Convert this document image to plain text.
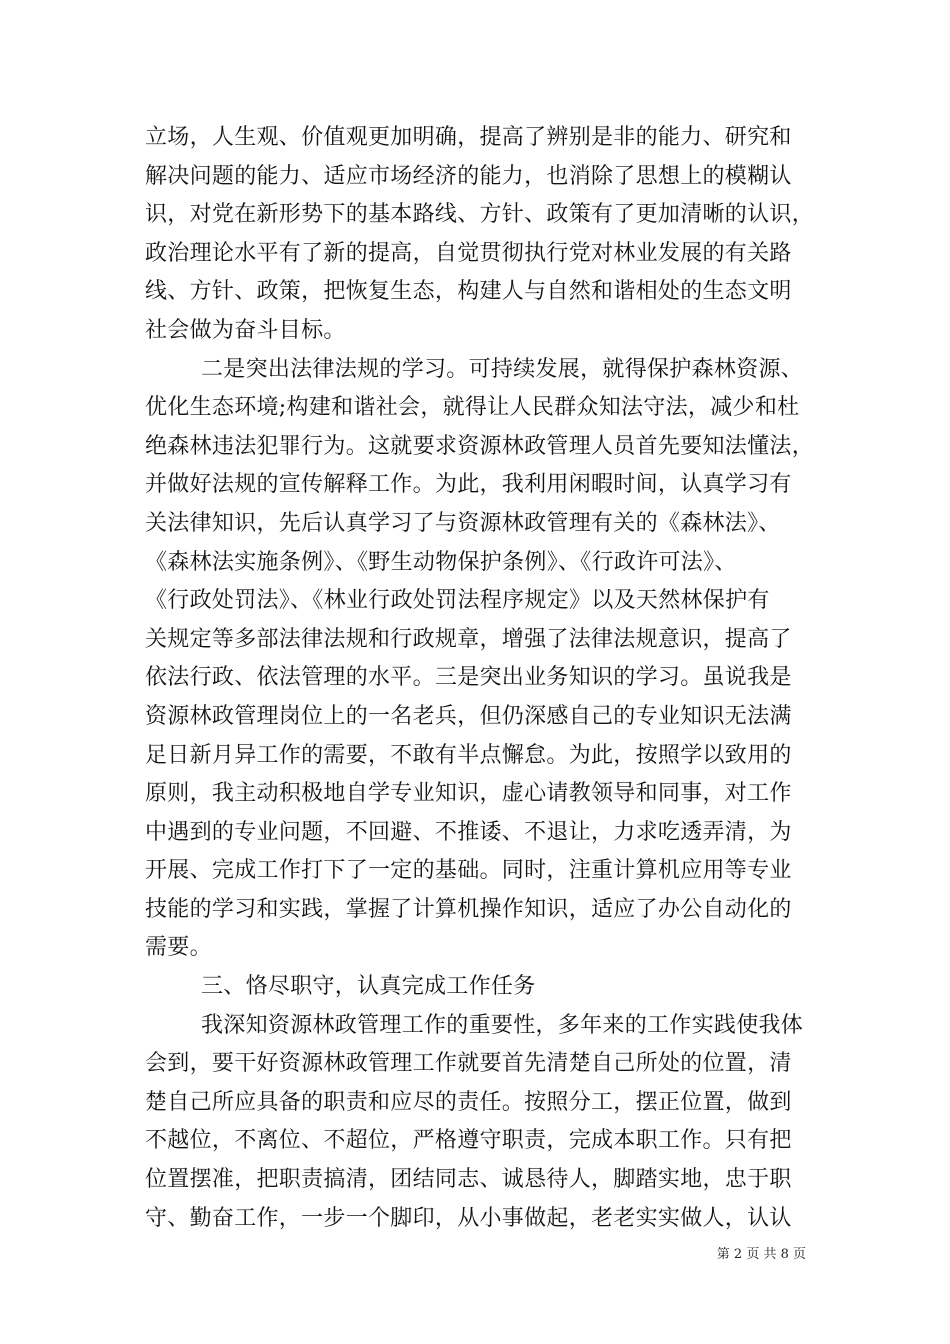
立场，人生观、价值观更加明确，提高了辨别是非的能力、研究和
解决问题的能力、适应市场经济的能力，也消除了思想上的模糊认
识，对党在新形势下的基本路线、方针、政策有了更加清晰的认识，
政治理论水平有了新的提高，自觉贯彻执行党对林业发展的有关路
线、方针、政策，把恢复生态，构建人与自然和谐相处的生态文明
社会做为奋斗目标。
二是突出法律法规的学习。可持续发展，就得保护森林资源、
优化生态环境;构建和谐社会，就得让人民群众知法守法，减少和杜
绝森林违法犯罪行为。这就要求资源林政管理人员首先要知法懂法，
并做好法规的宣传解释工作。为此，我利用闲暇时间，认真学习有
关法律知识，先后认真学习了与资源林政管理有关的《森林法》、
《森林法实施条例》、《野生动物保护条例》、《行政许可法》、
《行政处罚法》、《林业行政处罚法程序规定》以及天然林保护有
关规定等多部法律法规和行政规章，增强了法律法规意识，提高了
依法行政、依法管理的水平。三是突出业务知识的学习。虽说我是
资源林政管理岗位上的一名老兵，但仍深感自己的专业知识无法满
足日新月异工作的需要，不敢有半点懈怠。为此，按照学以致用的
原则，我主动积极地自学专业知识，虚心请教领导和同事，对工作
中遇到的专业问题，不回避、不推诿、不退让，力求吃透弄清，为
开展、完成工作打下了一定的基础。同时，注重计算机应用等专业
技能的学习和实践，掌握了计算机操作知识，适应了办公自动化的
需要。
三、恪尽职守，认真完成工作任务
我深知资源林政管理工作的重要性，多年来的工作实践使我体
会到，要干好资源林政管理工作就要首先清楚自己所处的位置，清
楚自己所应具备的职责和应尽的责任。按照分工，摆正位置，做到
不越位，不离位、不超位，严格遵守职责，完成本职工作。只有把
位置摆准，把职责搞清，团结同志、诚恳待人，脚踏实地，忠于职
守、勤奋工作，一步一个脚印，从小事做起，老老实实做人，认认
第 2 页 共 8 页
